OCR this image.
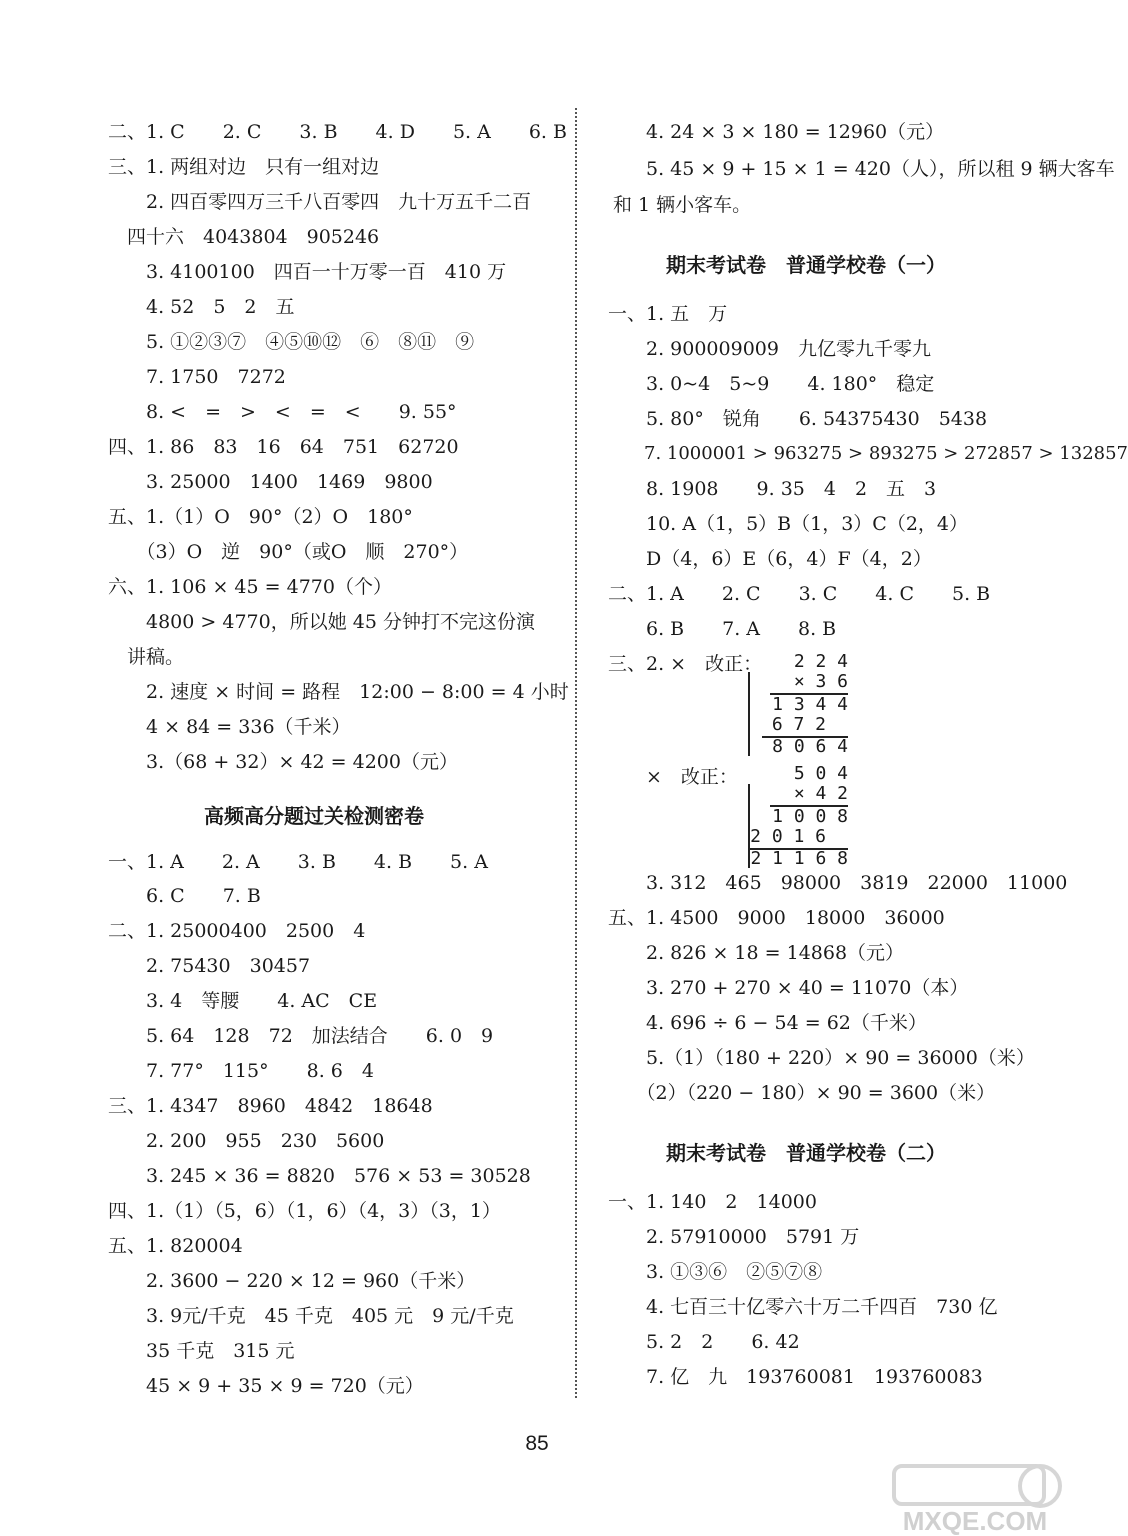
二、1. C　　2. C　　3. B　　4. D　　5. A　　6. B
三、1. 两组对边　只有一组对边
　　2. 四百零四万三千八百零四　九十万五千二百
　四十六　4043804　905246
　　3. 4100100　四百一十万零一百　410 万
　　4. 52　5　2　五
　　5. ①②③⑦　④⑤⑩⑫　⑥　⑧⑪　⑨
　　7. 1750　7272
　　8. <　=　>　<　=　<　　9. 55°
四、1. 86　83　16　64　751　62720
　　3. 25000　1400　1469　9800
五、1.（1）O　90°（2）O　180°
　　（3）O　逆　90°（或O　顺　270°）
六、1. 106 × 45 = 4770（个）
　　4800 > 4770，所以她 45 分钟打不完这份演
　讲稿。
　　2. 速度 × 时间 = 路程　12:00 − 8:00 = 4 小时
　　4 × 84 = 336（千米）
　　3.（68 + 32）× 42 = 4200（元）
高频高分题过关检测密卷
一、1. A　　2. A　　3. B　　4. B　　5. A
　　6. C　　7. B
二、1. 25000400　2500　4
　　2. 75430　30457
　　3. 4　等腰　　4. AC　CE
　　5. 64　128　72　加法结合　　6. 0　9
　　7. 77°　115°　　8. 6　4
三、1. 4347　8960　4842　18648
　　2. 200　955　230　5600
　　3. 245 × 36 = 8820　576 × 53 = 30528
四、1.（1）（5，6）（1，6）（4，3）（3，1）
五、1. 820004
　　2. 3600 − 220 × 12 = 960（千米）
　　3. 9元/千克　45 千克　405 元　9 元/千克
　　35 千克　315 元
　　45 × 9 + 35 × 9 = 720（元）
　　4. 24 × 3 × 180 = 12960（元）
　　5. 45 × 9 + 15 × 1 = 420（人），所以租 9 辆大客车
和 1 辆小客车。
期末考试卷　普通学校卷（一）
一、1. 五　万
　　2. 900009009　九亿零九千零九
　　3. 0~4　5~9　　4. 180°　稳定
　　5. 80°　锐角　　6. 54375430　5438
　　7. 1000001 > 963275 > 893275 > 272857 > 132857
　　8. 1908　　9. 35　4　2　五　3
　　10. A（1，5）B（1，3）C（2，4）
　　D（4，6）E（6，4）F（4，2）
二、1. A　　2. C　　3. C　　4. C　　5. B
　　6. B　　7. A　　8. B
三、2. ×　改正： 2 2 4
× 3 6
1 3 4 4
6 7 2
8 0 6 4
　　×　改正：	5 0 4
× 4 2
1 0 0 8
2 0 1 6
2 1 1 6 8
　　3. 312　465　98000　3819　22000　11000
五、1. 4500　9000　18000　36000
　　2. 826 × 18 = 14868（元）
　　3. 270 + 270 × 40 = 11070（本）
　　4. 696 ÷ 6 − 54 = 62（千米）
　　5.（1）（180 + 220）× 90 = 36000（米）
　　（2）（220 − 180）× 90 = 3600（米）
期末考试卷　普通学校卷（二）
一、1. 140　2　14000
　　2. 57910000　5791 万
　　3. ①③⑥　②⑤⑦⑧
　　4. 七百三十亿零六十万二千四百　730 亿
　　5. 2　2　　6. 42
　　7. 亿　九　193760081　193760083
85
MXQE.COM
